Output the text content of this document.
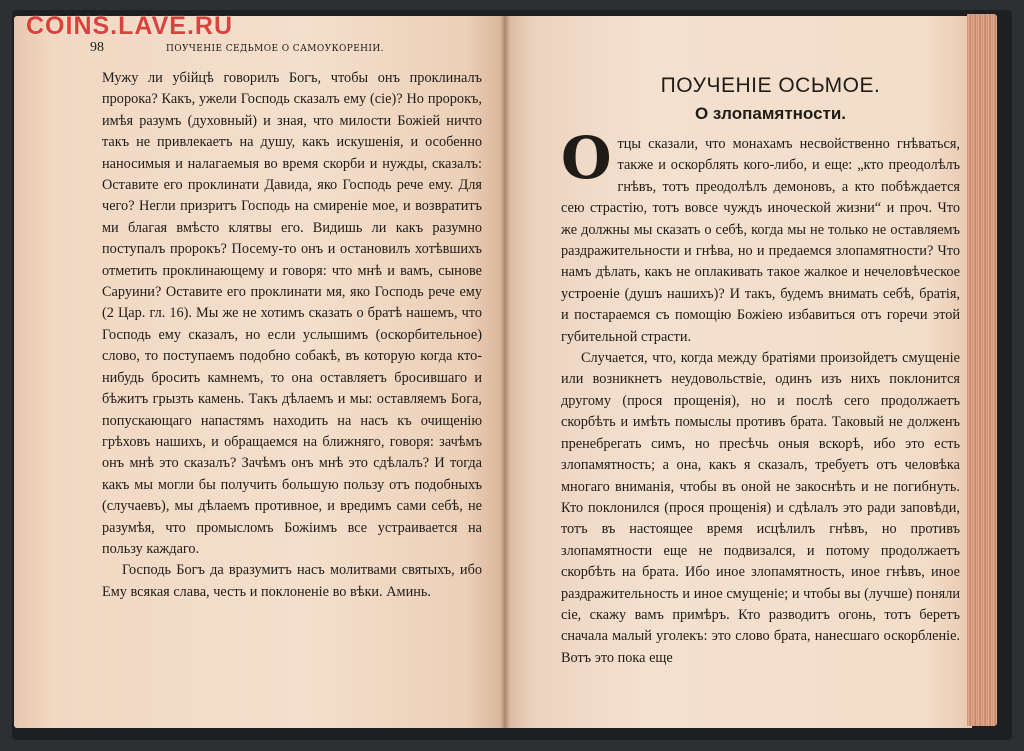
COINS.LAVE.RU
98	ПОУЧЕНІЕ СЕДЬМОЕ О САМОУКОРЕНІИ.

Мужу ли убійцѣ говорилъ Богъ, чтобы онъ проклиналъ пророка? Какъ, ужели Господь сказалъ ему (сіе)? Но пророкъ, имѣя разумъ (духовный) и зная, что милости Божіей ничто такъ не привлекаетъ на душу, какъ искушенія, и особенно наносимыя и налагаемыя во время скорби и нужды, сказалъ: Оставите его проклинати Давида, яко Господь рече ему. Для чего? Негли призритъ Господь на смиреніе мое, и возвратитъ ми благая вмѣсто клятвы его. Видишь ли какъ разумно поступалъ пророкъ? Посему-то онъ и остановилъ хотѣвшихъ отметить проклинающему и говоря: что мнѣ и вамъ, сынове Саруини? Оставите его проклинати мя, яко Господь рече ему (2 Цар. гл. 16). Мы же не хотимъ сказать о братѣ нашемъ, что Господь ему сказалъ, но если услышимъ (оскорбительное) слово, то поступаемъ подобно собакѣ, въ которую когда кто-нибудь бросить камнемъ, то она оставляетъ бросившаго и бѣжитъ грызть камень. Такъ дѣлаемъ и мы: оставляемъ Бога, попускающаго напастямъ находить на насъ къ очищенію грѣховъ нашихъ, и обращаемся на ближняго, говоря: зачѣмъ онъ мнѣ это сказалъ? Зачѣмъ онъ мнѣ это сдѣлалъ? И тогда какъ мы могли бы получить большую пользу отъ подобныхъ (случаевъ), мы дѣлаемъ противное, и вредимъ сами себѣ, не разумѣя, что промысломъ Божіимъ все устраивается на пользу каждаго.

Господь Богъ да вразумитъ насъ молитвами святыхъ, ибо Ему всякая слава, честь и поклоненіе во вѣки. Аминь.

ПОУЧЕНІЕ ОСЬМОЕ.
О злопамятности.

Отцы сказали, что монахамъ несвойственно гнѣваться, также и оскорблять кого-либо, и еще: „кто преодолѣлъ гнѣвъ, тотъ преодолѣлъ демоновъ, а кто побѣждается сею страстію, тотъ вовсе чуждъ иноческой жизни“ и проч. Что же должны мы сказать о себѣ, когда мы не только не оставляемъ раздражительности и гнѣва, но и предаемся злопамятности? Что намъ дѣлать, какъ не оплакивать такое жалкое и нечеловѣческое устроеніе (душъ нашихъ)? И такъ, будемъ внимать себѣ, братія, и постараемся съ помощію Божіею избавиться отъ горечи этой губительной страсти.

Случается, что, когда между братіями произойдетъ смущеніе или возникнетъ неудовольствіе, одинъ изъ нихъ поклонится другому (прося прощенія), но и послѣ сего продолжаетъ скорбѣть и имѣть помыслы противъ брата. Таковый не долженъ пренебрегать симъ, но пресѣчь оныя вскорѣ, ибо это есть злопамятность; а она, какъ я сказалъ, требуетъ отъ человѣка многаго вниманія, чтобы въ оной не закоснѣть и не погибнуть. Кто поклонился (прося прощенія) и сдѣлалъ это ради заповѣди, тотъ въ настоящее время исцѣлилъ гнѣвъ, но противъ злопамятности еще не подвизался, и потому продолжаетъ скорбѣть на брата. Ибо иное злопамятность, иное гнѣвъ, иное раздражительность и иное смущеніе; и чтобы вы (лучше) поняли сіе, скажу вамъ примѣръ. Кто разводитъ огонь, тотъ беретъ сначала малый уголекъ: это слово брата, нанесшаго оскорбленіе. Вотъ это пока еще
